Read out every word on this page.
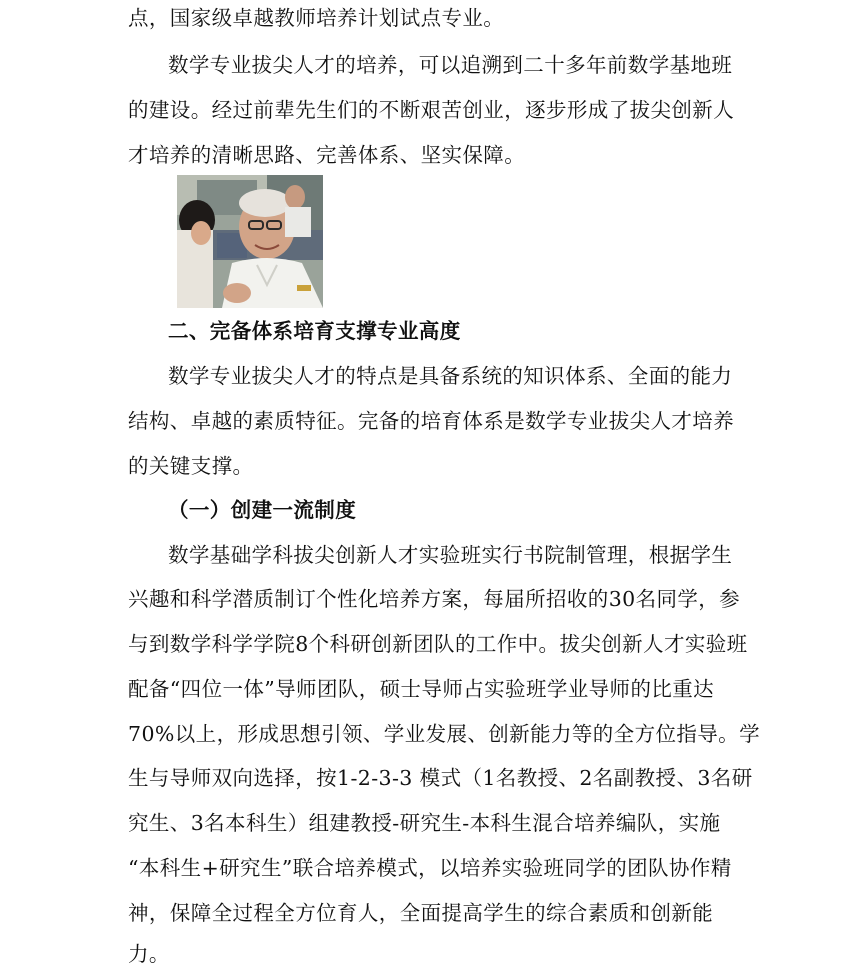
点，国家级卓越教师培养计划试点专业。
数学专业拔尖人才的培养，可以追溯到二十多年前数学基地班
的建设。经过前辈先生们的不断艰苦创业，逐步形成了拔尖创新人
才培养的清晰思路、完善体系、坚实保障。
二、完备体系培育支撑专业高度
数学专业拔尖人才的特点是具备系统的知识体系、全面的能力
结构、卓越的素质特征。完备的培育体系是数学专业拔尖人才培养
的关键支撑。
（一）创建一流制度
数学基础学科拔尖创新人才实验班实行书院制管理，根据学生
兴趣和科学潜质制订个性化培养方案，每届所招收的30名同学，参
与到数学科学学院8个科研创新团队的工作中。拔尖创新人才实验班
配备“四位一体”导师团队，硕士导师占实验班学业导师的比重达
70%以上，形成思想引领、学业发展、创新能力等的全方位指导。学
生与导师双向选择，按1-2-3-3 模式（1名教授、2名副教授、3名研
究生、3名本科生）组建教授-研究生-本科生混合培养编队，实施
“本科生+研究生”联合培养模式，以培养实验班同学的团队协作精
神，保障全过程全方位育人，全面提高学生的综合素质和创新能
力。
